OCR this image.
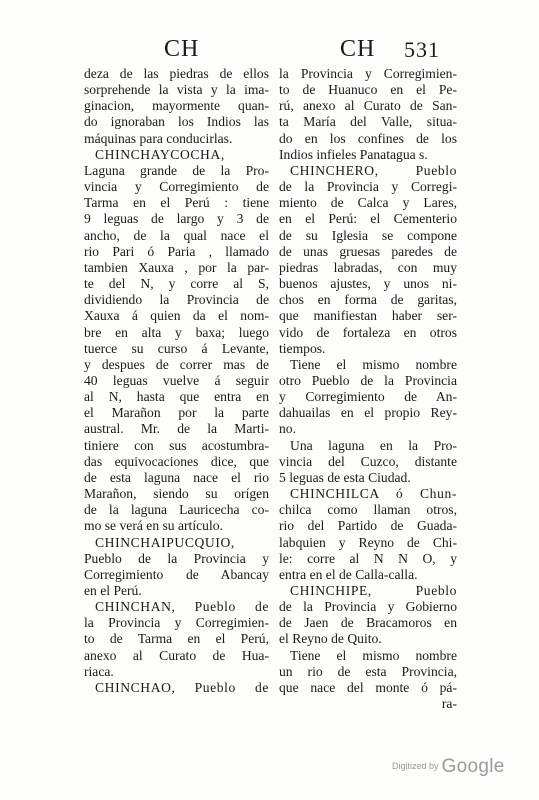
CH	CH 531
deza de las piedras de ellos
sorprehende la vista y la ima-
ginacion, mayormente quan-
do ignoraban los Indios las
máquinas para conducirlas.
CHINCHAYCOCHA,
Laguna grande de la Pro-
vincia y Corregimiento de
Tarma en el Perú : tiene
9 leguas de largo y 3 de
ancho, de la qual nace el
rio Pari ó Paria , llamado
tambien Xauxa , por la par-
te del N, y corre al S,
dividiendo la Provincia de
Xauxa á quien da el nom-
bre en alta y baxa; luego
tuerce su curso á Levante,
y despues de correr mas de
40 leguas vuelve á seguir
al N, hasta que entra en
el Marañon por la parte
austral. Mr. de la Marti-
tiniere con sus acostumbra-
das equivocaciones dice, que
de esta laguna nace el rio
Marañon, siendo su orígen
de la laguna Lauricecha co-
mo se verá en su artículo.
CHINCHAIPUCQUIO,
Pueblo de la Provincia y
Corregimiento de Abancay
en el Perú.
CHINCHAN, Pueblo de
la Provincia y Corregimien-
to de Tarma en el Perú,
anexo al Curato de Hua-
riaca.
CHINCHAO, Pueblo de
la Provincia y Corregimien-
to de Huanuco en el Pe-
rú, anexo al Curato de San-
ta María del Valle, situa-
do en los confines de los
Indios infieles Panatagua s.
CHINCHERO, Pueblo
de la Provincia y Corregi-
miento de Calca y Lares,
en el Perú: el Cementerio
de su Iglesia se compone
de unas gruesas paredes de
piedras labradas, con muy
buenos ajustes, y unos ni-
chos en forma de garitas,
que manifiestan haber ser-
vido de fortaleza en otros
tiempos.
Tiene el mismo nombre
otro Pueblo de la Provincia
y Corregimiento de An-
dahuailas en el propio Rey-
no.
Una laguna en la Pro-
vincia del Cuzco, distante
5 leguas de esta Ciudad.
CHINCHILCA ó Chun-
chilca como llaman otros,
rio del Partido de Guada-
labquien y Reyno de Chi-
le: corre al N N O, y
entra en el de Calla-calla.
CHINCHIPE, Pueblo
de la Provincia y Gobierno
de Jaen de Bracamoros en
el Reyno de Quito.
Tiene el mismo nombre
un rio de esta Provincia,
que nace del monte ó pá-
ra-
Digitized by Google
